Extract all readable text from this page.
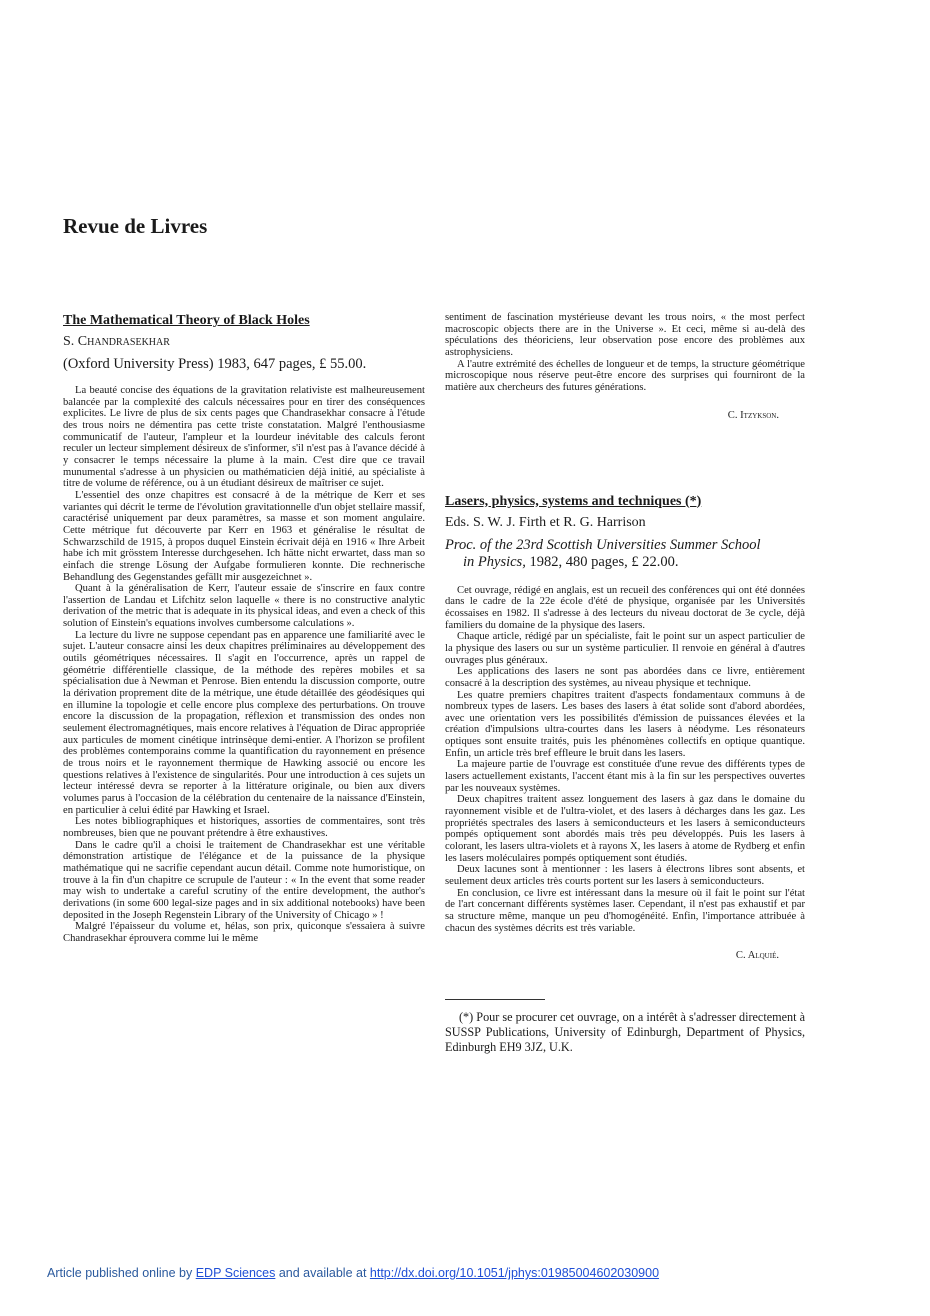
Revue de Livres
The Mathematical Theory of Black Holes
S. Chandrasekhar
(Oxford University Press) 1983, 647 pages, £ 55.00.

La beauté concise des équations de la gravitation relativiste est malheureusement balancée par la complexité des calculs nécessaires pour en tirer des conséquences explicites. Le livre de plus de six cents pages que Chandrasekhar consacre à l'étude des trous noirs ne démentira pas cette triste constatation. Malgré l'enthousiasme communicatif de l'auteur, l'ampleur et la lourdeur inévitable des calculs feront reculer un lecteur simplement désireux de s'informer, s'il n'est pas à l'avance décidé à y consacrer le temps nécessaire la plume à la main. C'est dire que ce travail munumental s'adresse à un physicien ou mathématicien déjà initié, au spécialiste à titre de volume de référence, ou à un étudiant désireux de maîtriser ce sujet.

L'essentiel des onze chapitres est consacré à de la métrique de Kerr et ses variantes qui décrit le terme de l'évolution gravitationnelle d'un objet stellaire massif, caractérisé uniquement par deux paramètres, sa masse et son moment angulaire. Cette métrique fut découverte par Kerr en 1963 et généralise le résultat de Schwarzschild de 1915, à propos duquel Einstein écrivait déjà en 1916 « Ihre Arbeit habe ich mit grösstem Interesse durchgesehen. Ich hätte nicht erwartet, dass man so einfach die strenge Lösung der Aufgabe formulieren konnte. Die rechnerische Behandlung des Gegenstandes gefällt mir ausgezeichnet ».

Quant à la généralisation de Kerr, l'auteur essaie de s'inscrire en faux contre l'assertion de Landau et Lifchitz selon laquelle « there is no constructive analytic derivation of the metric that is adequate in its physical ideas, and even a check of this solution of Einstein's equations involves cumbersome calculations ».

La lecture du livre ne suppose cependant pas en apparence une familiarité avec le sujet. L'auteur consacre ainsi les deux chapitres préliminaires au développement des outils géométriques nécessaires. Il s'agit en l'occurrence, après un rappel de géométrie différentielle classique, de la méthode des repères mobiles et sa spécialisation due à Newman et Penrose. Bien entendu la discussion comporte, outre la dérivation proprement dite de la métrique, une étude détaillée des géodésiques qui en illumine la topologie et celle encore plus complexe des perturbations. On trouve encore la discussion de la propagation, réflexion et transmission des ondes non seulement électromagnétiques, mais encore relatives à l'équation de Dirac appropriée aux particules de moment cinétique intrinsèque demi-entier. A l'horizon se profilent des problèmes contemporains comme la quantification du rayonnement en présence de trous noirs et le rayonnement thermique de Hawking associé ou encore les questions relatives à l'existence de singularités. Pour une introduction à ces sujets un lecteur intéressé devra se reporter à la littérature originale, ou bien aux divers volumes parus à l'occasion de la célébration du centenaire de la naissance d'Einstein, en particulier à celui édité par Hawking et Israel.

Les notes bibliographiques et historiques, assorties de commentaires, sont très nombreuses, bien que ne pouvant prétendre à être exhaustives.

Dans le cadre qu'il a choisi le traitement de Chandrasekhar est une véritable démonstration artistique de l'élégance et de la puissance de la physique mathématique qui ne sacrifie cependant aucun détail. Comme note humoristique, on trouve à la fin d'un chapitre ce scrupule de l'auteur : « In the event that some reader may wish to undertake a careful scrutiny of the entire development, the author's derivations (in some 600 legal-size pages and in six additional notebooks) have been deposited in the Joseph Regenstein Library of the University of Chicago » !

Malgré l'épaisseur du volume et, hélas, son prix, quiconque s'essaiera à suivre Chandrasekhar éprouvera comme lui le même

sentiment de fascination mystérieuse devant les trous noirs, « the most perfect macroscopic objects there are in the Universe ». Et ceci, même si au-delà des spéculations des théoriciens, leur observation pose encore des problèmes aux astrophysiciens.

A l'autre extrémité des échelles de longueur et de temps, la structure géométrique microscopique nous réserve peut-être encore des surprises qui fourniront de la matière aux chercheurs des futures générations.

C. Itzykson.
Lasers, physics, systems and techniques (*)
Eds. S. W. J. Firth et R. G. Harrison
Proc. of the 23rd Scottish Universities Summer School
in Physics, 1982, 480 pages, £ 22.00.

Cet ouvrage, rédigé en anglais, est un recueil des conférences qui ont été données dans le cadre de la 22e école d'été de physique, organisée par les Universités écossaises en 1982. Il s'adresse à des lecteurs du niveau doctorat de 3e cycle, déjà familiers du domaine de la physique des lasers.

Chaque article, rédigé par un spécialiste, fait le point sur un aspect particulier de la physique des lasers ou sur un système particulier. Il renvoie en général à d'autres ouvrages plus généraux.

Les applications des lasers ne sont pas abordées dans ce livre, entièrement consacré à la description des systèmes, au niveau physique et technique.

Les quatre premiers chapitres traitent d'aspects fondamentaux communs à de nombreux types de lasers. Les bases des lasers à état solide sont d'abord abordées, avec une orientation vers les possibilités d'émission de puissances élevées et la création d'impulsions ultra-courtes dans les lasers à néodyme. Les résonateurs optiques sont ensuite traités, puis les phénomènes collectifs en optique quantique. Enfin, un article très bref effleure le bruit dans les lasers.

La majeure partie de l'ouvrage est constituée d'une revue des différents types de lasers actuellement existants, l'accent étant mis à la fin sur les perspectives ouvertes par les nouveaux systèmes.

Deux chapitres traitent assez longuement des lasers à gaz dans le domaine du rayonnement visible et de l'ultra-violet, et des lasers à décharges dans les gaz. Les propriétés spectrales des lasers à semiconducteurs et les lasers à semiconducteurs pompés optiquement sont abordés mais très peu développés. Puis les lasers à colorant, les lasers ultra-violets et à rayons X, les lasers à atome de Rydberg et enfin les lasers moléculaires pompés optiquement sont étudiés.

Deux lacunes sont à mentionner : les lasers à électrons libres sont absents, et seulement deux articles très courts portent sur les lasers à semiconducteurs.

En conclusion, ce livre est intéressant dans la mesure où il fait le point sur l'état de l'art concernant différents systèmes laser. Cependant, il n'est pas exhaustif et par sa structure même, manque un peu d'homogénéité. Enfin, l'importance attribuée à chacun des systèmes décrits est très variable.

C. Alquié.

(*) Pour se procurer cet ouvrage, on a intérêt à s'adresser directement à SUSSP Publications, University of Edinburgh, Department of Physics, Edinburgh EH9 3JZ, U.K.

Article published online by EDP Sciences and available at http://dx.doi.org/10.1051/jphys:01985004602030900
